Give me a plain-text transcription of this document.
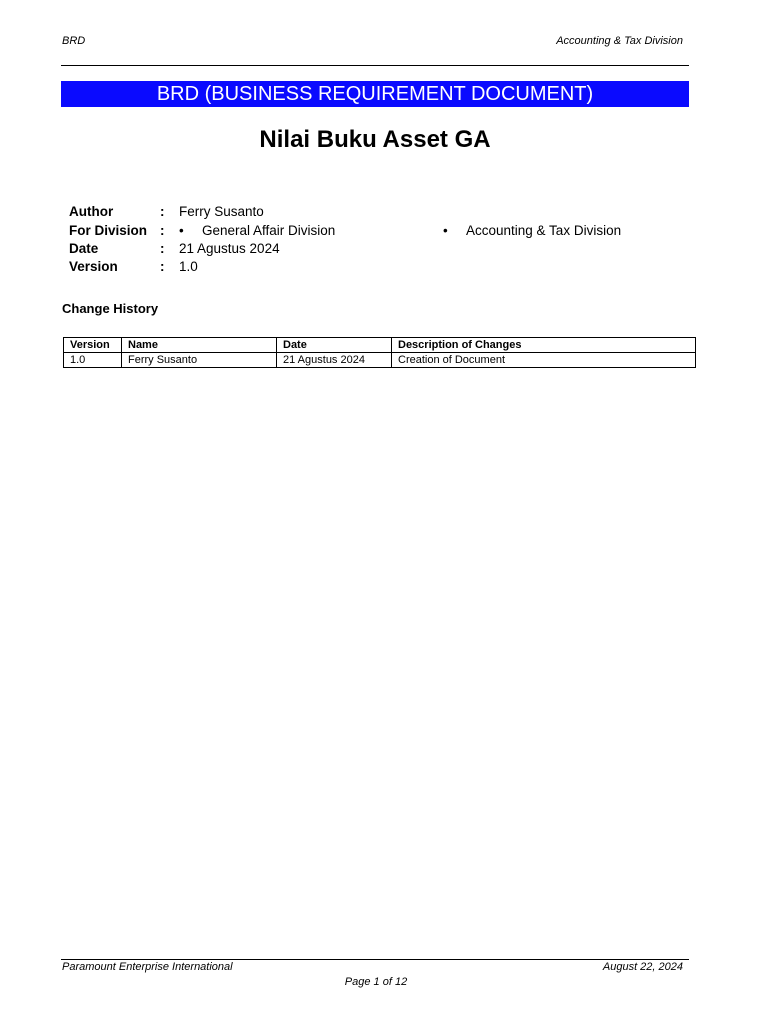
BRD	Accounting & Tax Division
BRD (BUSINESS REQUIREMENT DOCUMENT)
Nilai Buku Asset GA
Author	: Ferry Susanto
For Division : • General Affair Division	• Accounting & Tax Division
Date	: 21 Agustus 2024
Version	: 1.0
Change History
Version	Name	Date	Description of Changes
1.0	Ferry Susanto	21 Agustus 2024	Creation of Document
Paramount Enterprise International	August 22, 2024
Page 1 of 12
